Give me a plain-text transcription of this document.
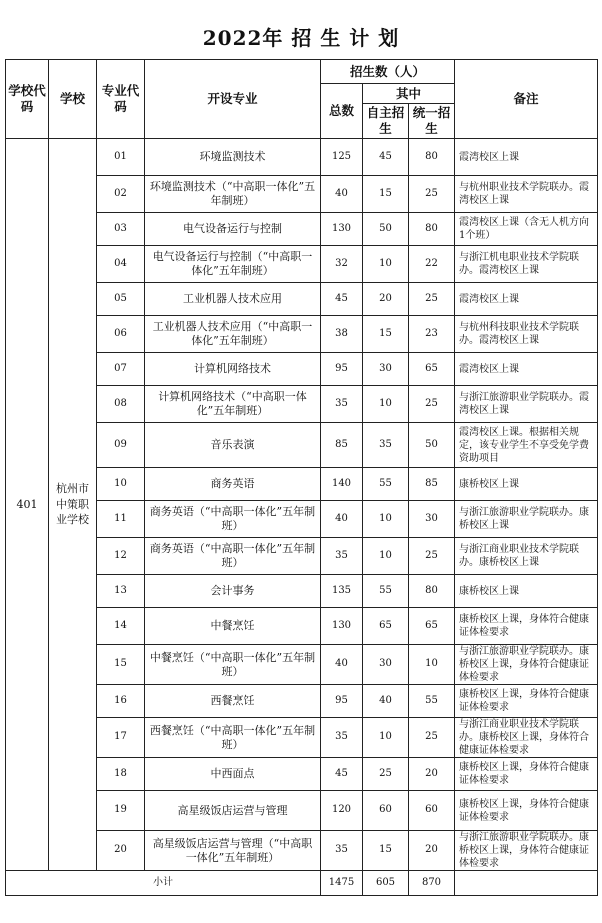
2022年 招 生 计 划
学校代码	学校	专业代码	开设专业	招生数（人）			备注
				总数	其中		
					自主招生	统一招生	
401	杭州市中策职业学校	01	环境监测技术	125	45	80	霞湾校区上课
		02	环境监测技术（“中高职一体化”五年制班）	40	15	25	与杭州职业技术学院联办。霞湾校区上课
		03	电气设备运行与控制	130	50	80	霞湾校区上课（含无人机方向1个班）
		04	电气设备运行与控制（“中高职一体化”五年制班）	32	10	22	与浙江机电职业技术学院联办。霞湾校区上课
		05	工业机器人技术应用	45	20	25	霞湾校区上课
		06	工业机器人技术应用（“中高职一体化”五年制班）	38	15	23	与杭州科技职业技术学院联办。霞湾校区上课
		07	计算机网络技术	95	30	65	霞湾校区上课
		08	计算机网络技术（“中高职一体化”五年制班）	35	10	25	与浙江旅游职业学院联办。霞湾校区上课
		09	音乐表演	85	35	50	霞湾校区上课。根据相关规定，该专业学生不享受免学费资助项目
		10	商务英语	140	55	85	康桥校区上课
		11	商务英语（“中高职一体化”五年制班）	40	10	30	与浙江旅游职业学院联办。康桥校区上课
		12	商务英语（“中高职一体化”五年制班）	35	10	25	与浙江商业职业技术学院联办。康桥校区上课
		13	会计事务	135	55	80	康桥校区上课
		14	中餐烹饪	130	65	65	康桥校区上课，身体符合健康证体检要求
		15	中餐烹饪（“中高职一体化”五年制班）	40	30	10	与浙江旅游职业学院联办。康桥校区上课，身体符合健康证体检要求
		16	西餐烹饪	95	40	55	康桥校区上课，身体符合健康证体检要求
		17	西餐烹饪（“中高职一体化”五年制班）	35	10	25	与浙江商业职业技术学院联办。康桥校区上课，身体符合健康证体检要求
		18	中西面点	45	25	20	康桥校区上课，身体符合健康证体检要求
		19	高星级饭店运营与管理	120	60	60	康桥校区上课，身体符合健康证体检要求
		20	高星级饭店运营与管理（“中高职一体化”五年制班）	35	15	20	与浙江旅游职业学院联办。康桥校区上课，身体符合健康证体检要求
小计				1475	605	870	
